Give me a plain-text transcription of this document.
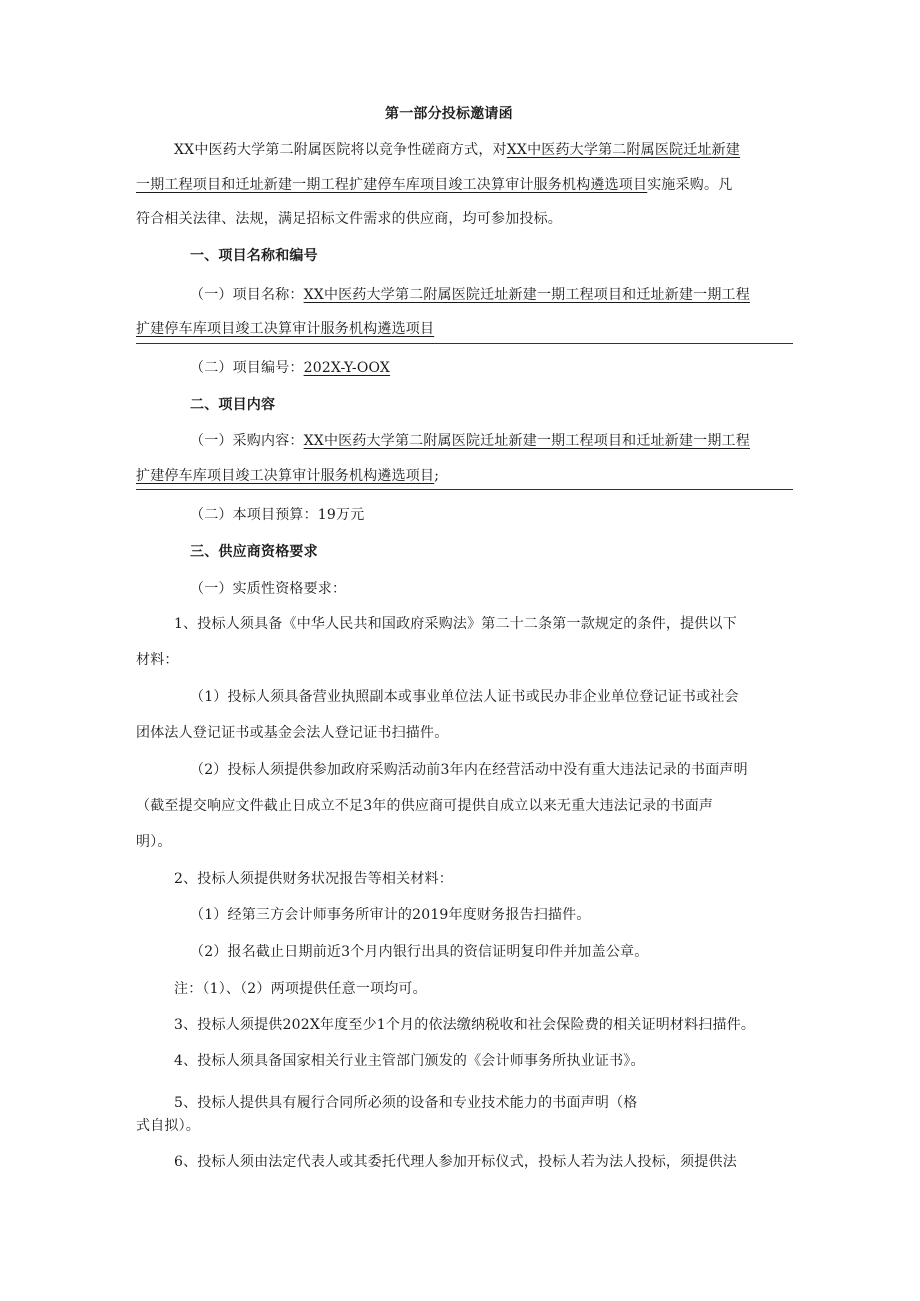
第一部分投标邀请函
XX中医药大学第二附属医院将以竞争性磋商方式，对XX中医药大学第二附属医院迁址新建
一期工程项目和迁址新建一期工程扩建停车库项目竣工决算审计服务机构遴选项目实施采购。凡
符合相关法律、法规，满足招标文件需求的供应商，均可参加投标。
一、项目名称和编号
（一）项目名称：XX中医药大学第二附属医院迁址新建一期工程项目和迁址新建一期工程
扩建停车库项目竣工决算审计服务机构遴选项目
（二）项目编号：202X-Y-OOX
二、项目内容
（一）采购内容：XX中医药大学第二附属医院迁址新建一期工程项目和迁址新建一期工程
扩建停车库项目竣工决算审计服务机构遴选项目;
（二）本项目预算：19万元
三、供应商资格要求
（一）实质性资格要求：
1、投标人须具备《中华人民共和国政府采购法》第二十二条第一款规定的条件，提供以下
材料：
（1）投标人须具备营业执照副本或事业单位法人证书或民办非企业单位登记证书或社会
团体法人登记证书或基金会法人登记证书扫描件。
（2）投标人须提供参加政府采购活动前3年内在经营活动中没有重大违法记录的书面声明
（截至提交响应文件截止日成立不足3年的供应商可提供自成立以来无重大违法记录的书面声
明）。
2、投标人须提供财务状况报告等相关材料：
（1）经第三方会计师事务所审计的2019年度财务报告扫描件。
（2）报名截止日期前近3个月内银行出具的资信证明复印件并加盖公章。
注：（1）、（2）两项提供任意一项均可。
3、投标人须提供202X年度至少1个月的依法缴纳税收和社会保险费的相关证明材料扫描件。
4、投标人须具备国家相关行业主管部门颁发的《会计师事务所执业证书》。
5、投标人提供具有履行合同所必须的设备和专业技术能力的书面声明（格
式自拟）。
6、投标人须由法定代表人或其委托代理人参加开标仪式，投标人若为法人投标，须提供法
